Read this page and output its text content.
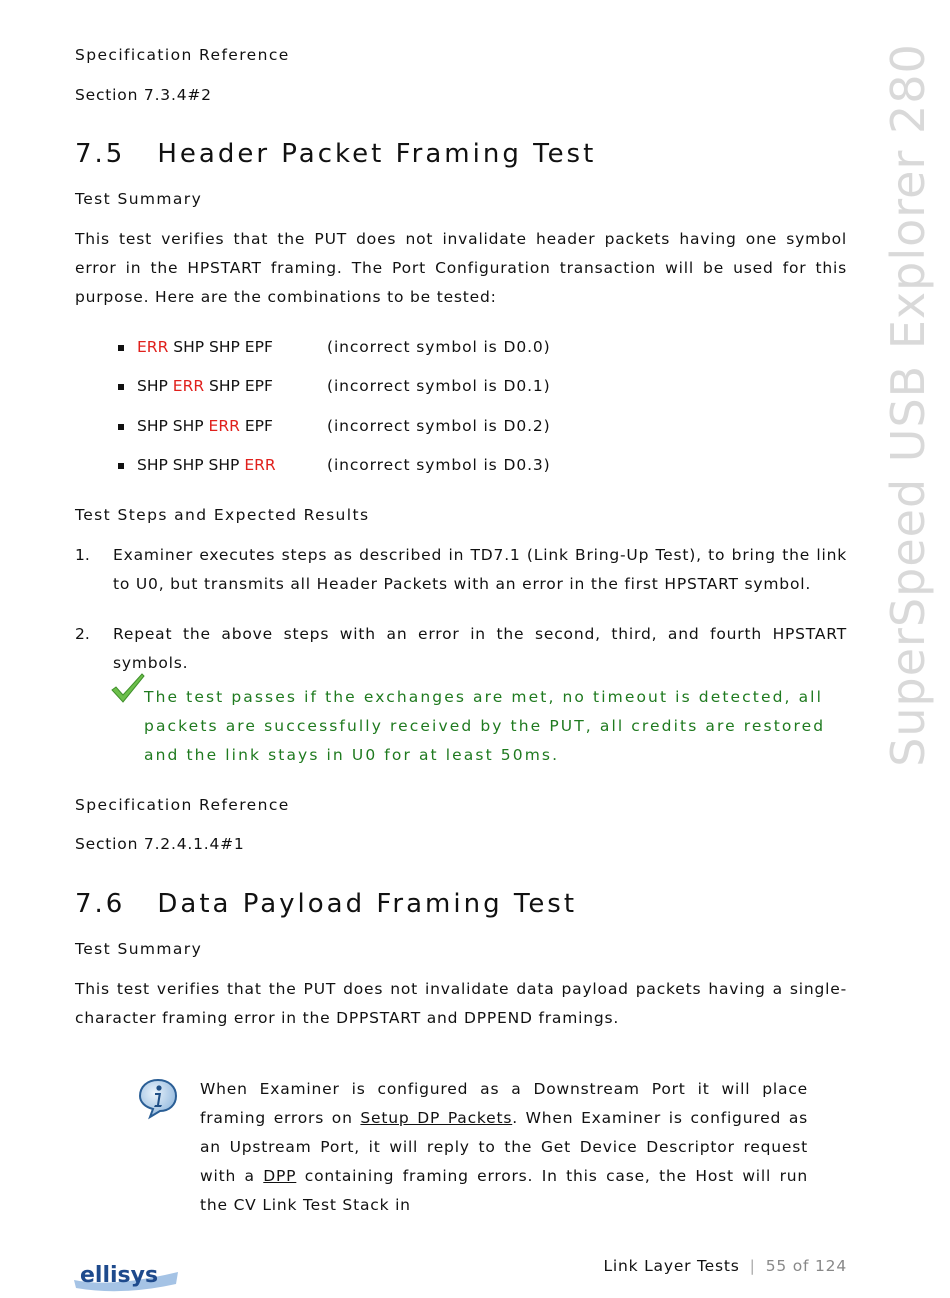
SuperSpeed USB Explorer 280
Specification Reference
Section 7.3.4#2
7.5 Header Packet Framing Test
Test Summary
This test verifies that the PUT does not invalidate header packets having one symbol error in the HPSTART framing. The Port Configuration transaction will be used for this purpose. Here are the combinations to be tested:
ERR SHP SHP EPF	(incorrect symbol is D0.0)
SHP ERR SHP EPF	(incorrect symbol is D0.1)
SHP SHP ERR EPF	(incorrect symbol is D0.2)
SHP SHP SHP ERR	(incorrect symbol is D0.3)
Test Steps and Expected Results
1. Examiner executes steps as described in TD7.1 (Link Bring-Up Test), to bring the link to U0, but transmits all Header Packets with an error in the first HPSTART symbol.
2. Repeat the above steps with an error in the second, third, and fourth HPSTART symbols.
The test passes if the exchanges are met, no timeout is detected, all packets are successfully received by the PUT, all credits are restored and the link stays in U0 for at least 50ms.
Specification Reference
Section 7.2.4.1.4#1
7.6 Data Payload Framing Test
Test Summary
This test verifies that the PUT does not invalidate data payload packets having a single-character framing error in the DPPSTART and DPPEND framings.
When Examiner is configured as a Downstream Port it will place framing errors on Setup DP Packets. When Examiner is configured as an Upstream Port, it will reply to the Get Device Descriptor request with a DPP containing framing errors. In this case, the Host will run the CV Link Test Stack in
ellisys	Link Layer Tests | 55 of 124
